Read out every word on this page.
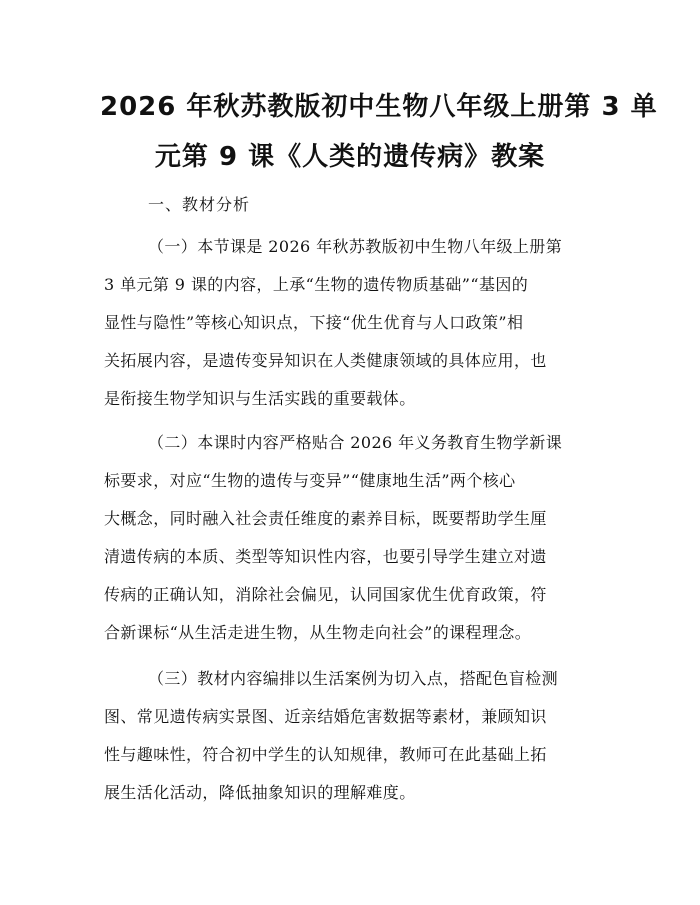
2026 年秋苏教版初中生物八年级上册第 3 单
元第 9 课《人类的遗传病》教案

一、教材分析

（一）本节课是 2026 年秋苏教版初中生物八年级上册第
3 单元第 9 课的内容，上承“生物的遗传物质基础”“基因的
显性与隐性”等核心知识点，下接“优生优育与人口政策”相
关拓展内容，是遗传变异知识在人类健康领域的具体应用，也
是衔接生物学知识与生活实践的重要载体。

（二）本课时内容严格贴合 2026 年义务教育生物学新课
标要求，对应“生物的遗传与变异”“健康地生活”两个核心
大概念，同时融入社会责任维度的素养目标，既要帮助学生厘
清遗传病的本质、类型等知识性内容，也要引导学生建立对遗
传病的正确认知，消除社会偏见，认同国家优生优育政策，符
合新课标“从生活走进生物，从生物走向社会”的课程理念。

（三）教材内容编排以生活案例为切入点，搭配色盲检测
图、常见遗传病实景图、近亲结婚危害数据等素材，兼顾知识
性与趣味性，符合初中学生的认知规律，教师可在此基础上拓
展生活化活动，降低抽象知识的理解难度。
